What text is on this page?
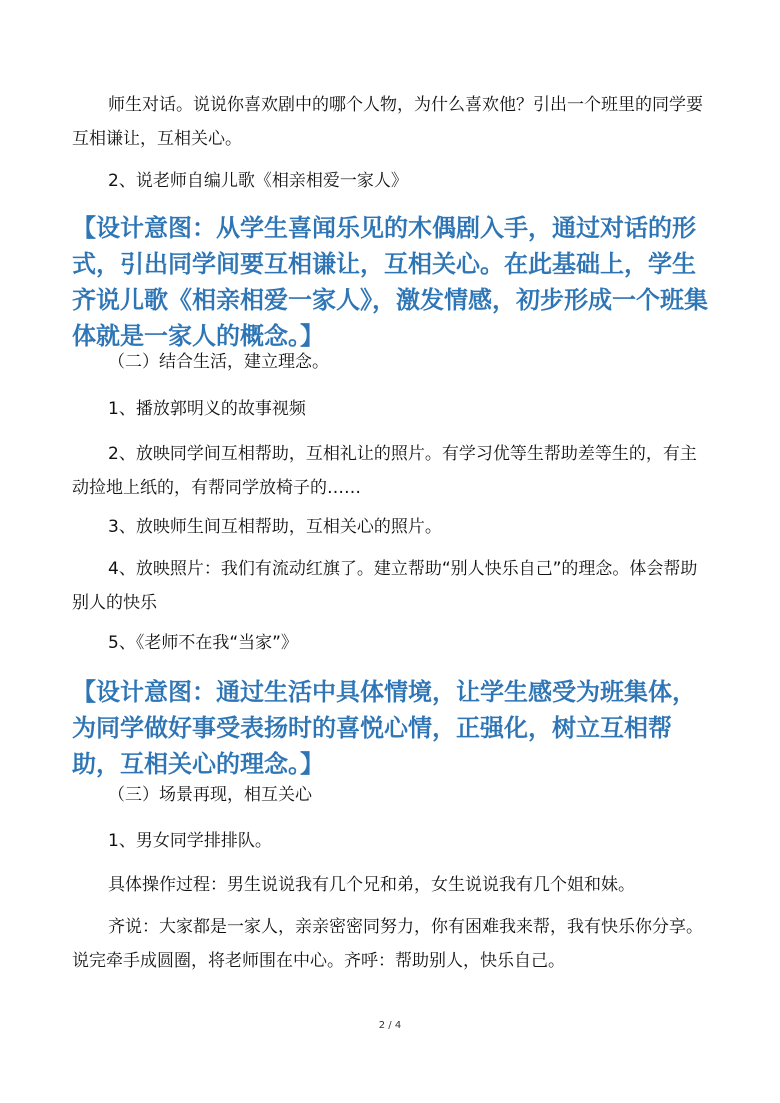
师生对话。说说你喜欢剧中的哪个人物，为什么喜欢他？引出一个班里的同学要互相谦让，互相关心。

2、说老师自编儿歌《相亲相爱一家人》

【设计意图：从学生喜闻乐见的木偶剧入手，通过对话的形式，引出同学间要互相谦让，互相关心。在此基础上，学生齐说儿歌《相亲相爱一家人》，激发情感，初步形成一个班集体就是一家人的概念。】

（二）结合生活，建立理念。

1、播放郭明义的故事视频

2、放映同学间互相帮助，互相礼让的照片。有学习优等生帮助差等生的，有主动捡地上纸的，有帮同学放椅子的……

3、放映师生间互相帮助，互相关心的照片。

4、放映照片：我们有流动红旗了。建立帮助“别人快乐自己”的理念。体会帮助别人的快乐

5、《老师不在我“当家”》

【设计意图：通过生活中具体情境，让学生感受为班集体，为同学做好事受表扬时的喜悦心情，正强化，树立互相帮助，互相关心的理念。】

（三）场景再现，相互关心

1、男女同学排排队。

具体操作过程：男生说说我有几个兄和弟，女生说说我有几个姐和妹。

齐说：大家都是一家人，亲亲密密同努力，你有困难我来帮，我有快乐你分享。说完牵手成圆圈，将老师围在中心。齐呼：帮助别人，快乐自己。

2 / 4
